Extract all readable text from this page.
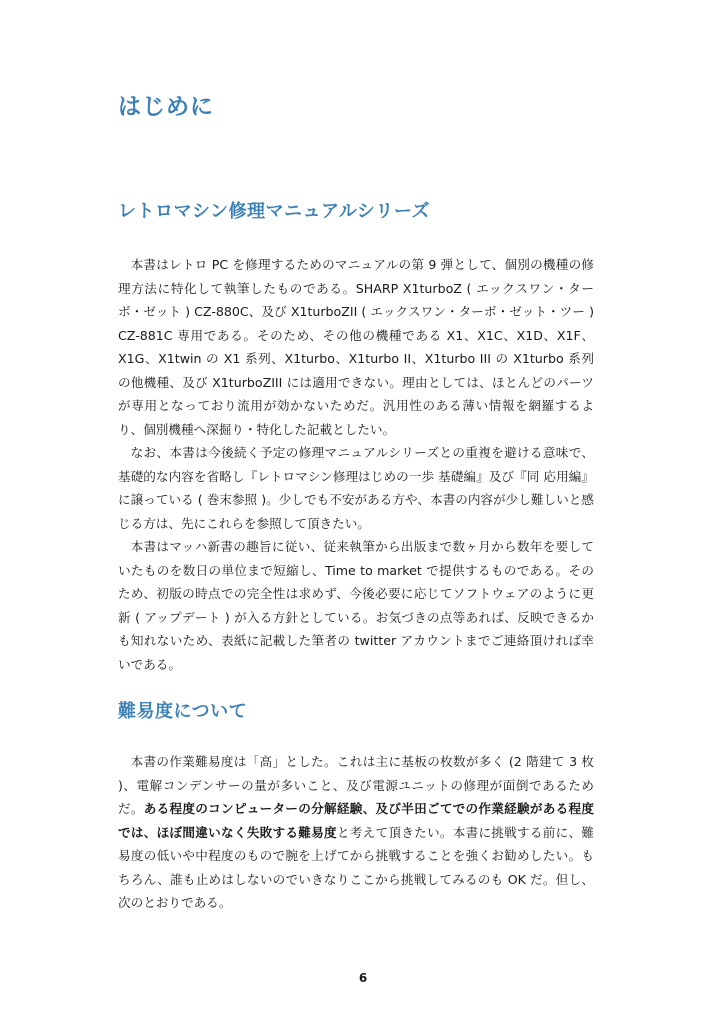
はじめに
レトロマシン修理マニュアルシリーズ

本書はレトロ PC を修理するためのマニュアルの第 9 弾として、個別の機種の修理方法に特化して執筆したものである。SHARP X1turboZ ( エックスワン・ターボ・ゼット ) CZ-880C、及び X1turboZII ( エックスワン・ターボ・ゼット・ツー ) CZ-881C 専用である。そのため、その他の機種である X1、X1C、X1D、X1F、X1G、X1twin の X1 系列、X1turbo、X1turbo II、X1turbo III の X1turbo 系列の他機種、及び X1turboZIII には適用できない。理由としては、ほとんどのパーツが専用となっており流用が効かないためだ。汎用性のある薄い情報を網羅するより、個別機種へ深掘り・特化した記載としたい。

なお、本書は今後続く予定の修理マニュアルシリーズとの重複を避ける意味で、基礎的な内容を省略し『レトロマシン修理はじめの一歩 基礎編』及び『同 応用編』に譲っている ( 巻末参照 )。少しでも不安がある方や、本書の内容が少し難しいと感じる方は、先にこれらを参照して頂きたい。

本書はマッハ新書の趣旨に従い、従来執筆から出版まで数ヶ月から数年を要していたものを数日の単位まで短縮し、Time to market で提供するものである。そのため、初版の時点での完全性は求めず、今後必要に応じてソフトウェアのように更新 ( アップデート ) が入る方針としている。お気づきの点等あれば、反映できるかも知れないため、表紙に記載した筆者の twitter アカウントまでご連絡頂ければ幸いである。

難易度について

本書の作業難易度は「高」とした。これは主に基板の枚数が多く (2 階建て 3 枚 )、電解コンデンサーの量が多いこと、及び電源ユニットの修理が面倒であるためだ。ある程度のコンピューターの分解経験、及び半田ごてでの作業経験がある程度では、ほぼ間違いなく失敗する難易度と考えて頂きたい。本書に挑戦する前に、難易度の低いや中程度のもので腕を上げてから挑戦することを強くお勧めしたい。もちろん、誰も止めはしないのでいきなりここから挑戦してみるのも OK だ。但し、次のとおりである。

6
